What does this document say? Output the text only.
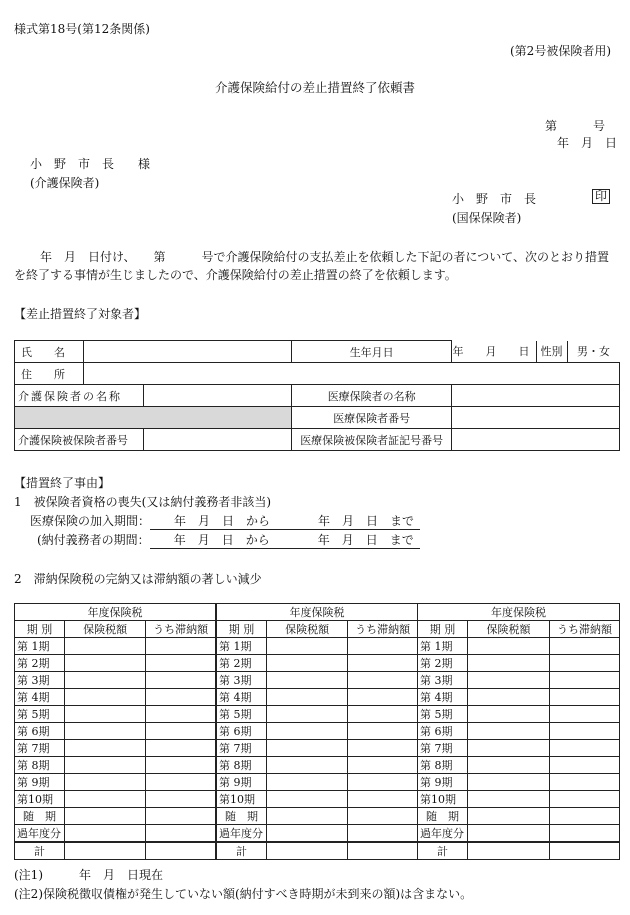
様式第18号(第12条関係)
(第2号被保険者用)
介護保険給付の差止措置終了依頼書
第　　　号
年　月　日
小　野　市　長　　様
(介護保険者)
小　野　市　長	印
(国保保険者)
　年　月　日付け、　　第　　　号で介護保険給付の支払差止を依頼した下記の者について、次のとおり措置
を終了する事情が生じましたので、介護保険給付の差止措置の終了を依頼します。
【差止措置終了対象者】
氏　　名			生年月日	年　　月　　日 性別 男・女

住　　所				
介護保険者の名称			医療保険者の名称	
			医療保険者番号	
介護保険被保険者番号			医療保険被保険者証記号番号	
【措置終了事由】
1　被保険者資格の喪失(又は納付義務者非該当)
医療保険の加入期間：　　年　月　日　から　　　　年　月　日　まで
(納付義務者の期間：　　年　月　日　から　　　　年　月　日　まで
2　滞納保険税の完納又は滞納額の著しい減少
年度保険税		
期 別	保険税額	うち滞納額
第 1期		
第 2期		
第 3期		
第 4期		
第 5期		
第 6期		
第 7期		
第 8期		
第 9期		
第10期		
随　期		
過年度分		
計		
年度保険税		
期 別	保険税額	うち滞納額
第 1期		
第 2期		
第 3期		
第 4期		
第 5期		
第 6期		
第 7期		
第 8期		
第 9期		
第10期		
随　期		
過年度分		
計		
年度保険税		
期 別	保険税額	うち滞納額
第 1期		
第 2期		
第 3期		
第 4期		
第 5期		
第 6期		
第 7期		
第 8期		
第 9期		
第10期		
随　期		
過年度分		
計		
(注1)　　　年　月　日現在
(注2)保険税徴収債権が発生していない額(納付すべき時期が未到来の額)は含まない。
